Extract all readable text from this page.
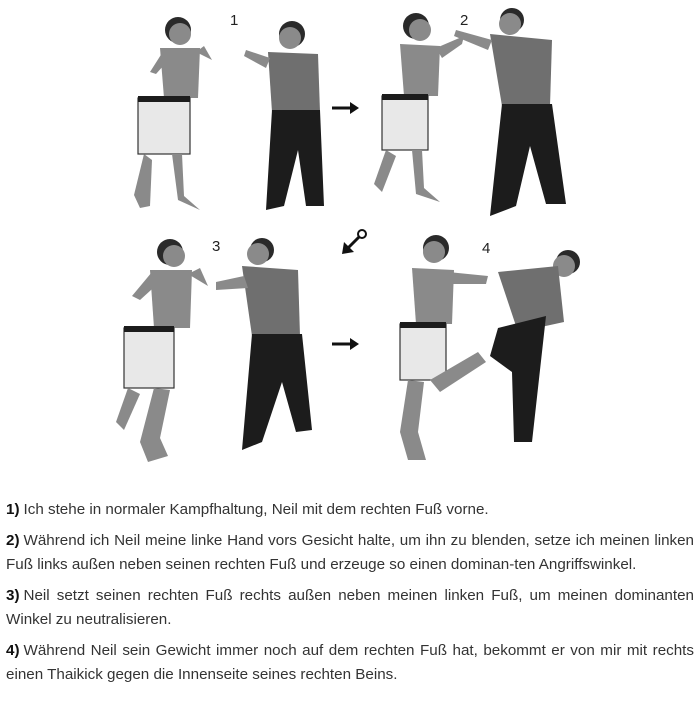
1	2
3	4

1) Ich stehe in normaler Kampfhaltung, Neil mit dem rechten Fuß vorne.

2) Während ich Neil meine linke Hand vors Gesicht halte, um ihn zu blenden, setze ich meinen linken Fuß links außen neben seinen rechten Fuß und erzeuge so einen dominan-ten Angriffswinkel.

3) Neil setzt seinen rechten Fuß rechts außen neben meinen linken Fuß, um meinen dominanten Winkel zu neutralisieren.

4) Während Neil sein Gewicht immer noch auf dem rechten Fuß hat, bekommt er von mir mit rechts einen Thaikick gegen die Innenseite seines rechten Beins.
